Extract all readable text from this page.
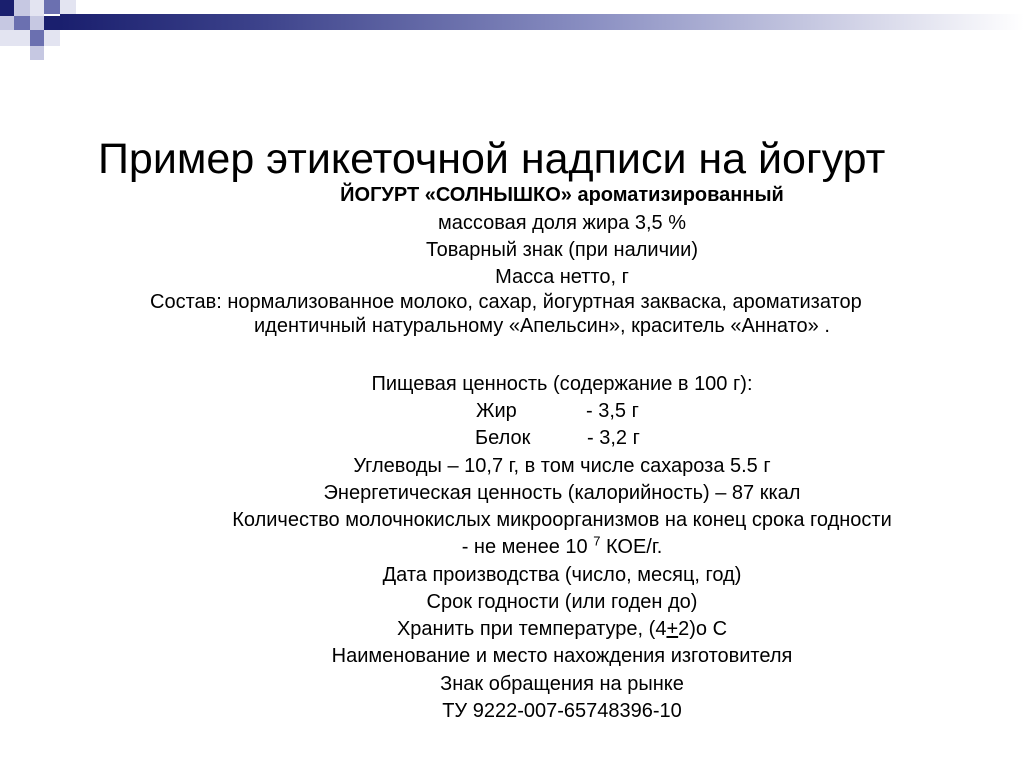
Пример этикеточной надписи на йогурт
ЙОГУРТ «СОЛНЫШКО» ароматизированный
массовая доля жира 3,5 %
Товарный знак (при наличии)
Масса нетто, г
Состав: нормализованное молоко, сахар, йогуртная закваска, ароматизатор
идентичный натуральному «Апельсин», краситель «Аннато» .
Пищевая ценность (содержание в 100 г):
Жир	- 3,5 г
Белок	- 3,2 г
Углеводы – 10,7 г, в том числе сахароза 5.5 г
Энергетическая ценность (калорийность) – 87 ккал
Количество молочнокислых микроорганизмов на конец срока годности
- не менее 10 $^7$ КОЕ/г.
Дата производства (число, месяц, год)
Срок годности (или годен до)
Хранить при температуре, (4+2)о С
Наименование и место нахождения изготовителя
Знак обращения на рынке
ТУ 9222-007-65748396-10
